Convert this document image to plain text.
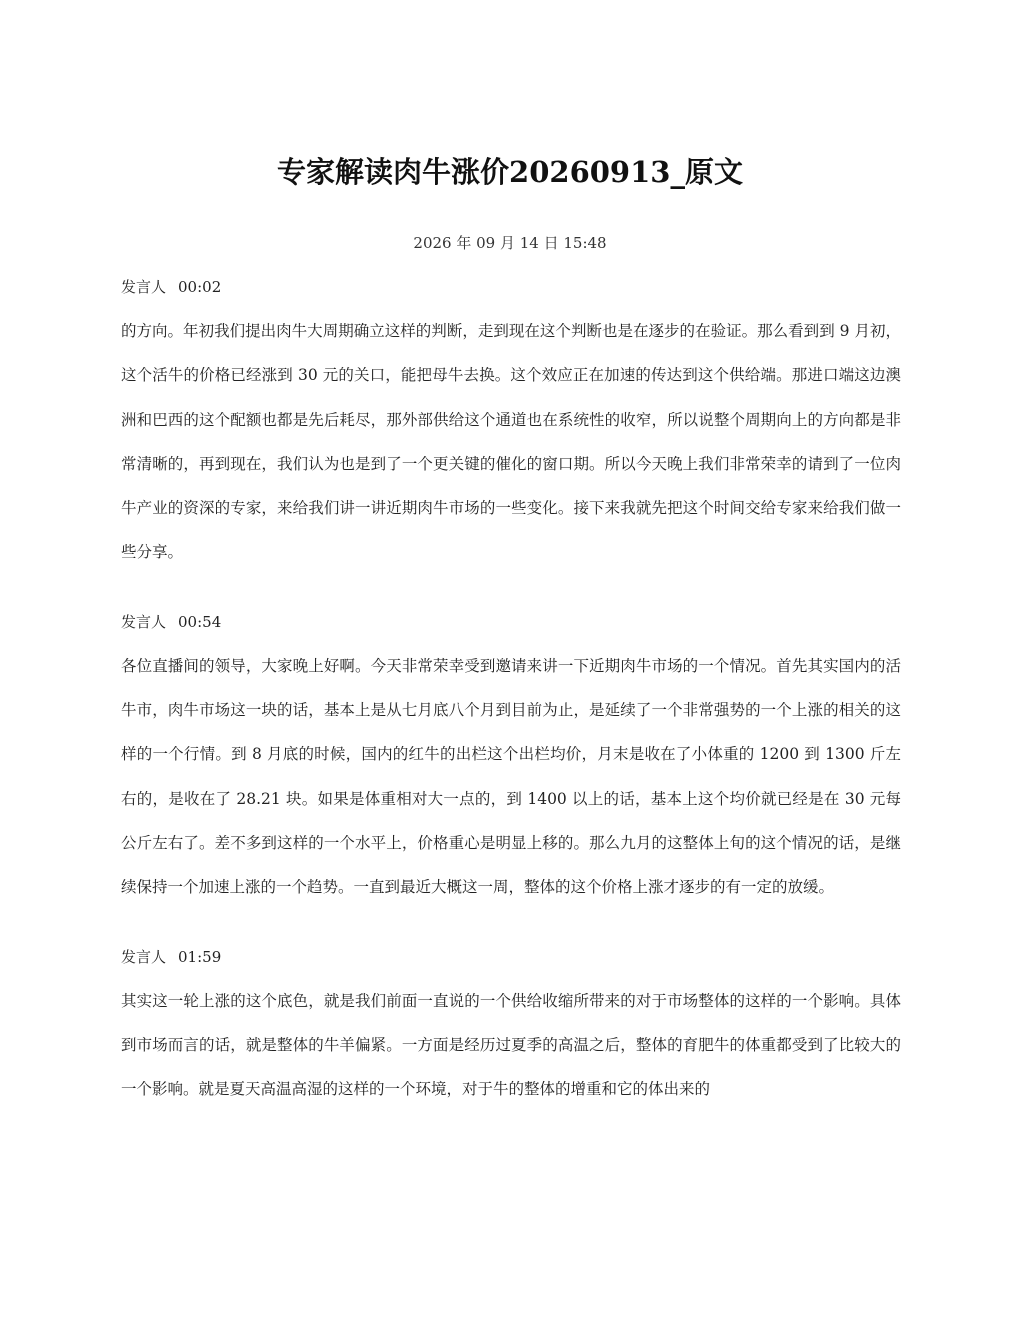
专家解读肉牛涨价20260913_原文
2026 年 09 月 14 日 15:48
发言人 00:02
的方向。年初我们提出肉牛大周期确立这样的判断，走到现在这个判断也是在逐步的在验证。那么看到到 9 月初，这个活牛的价格已经涨到 30 元的关口，能把母牛去换。这个效应正在加速的传达到这个供给端。那进口端这边澳洲和巴西的这个配额也都是先后耗尽，那外部供给这个通道也在系统性的收窄，所以说整个周期向上的方向都是非常清晰的，再到现在，我们认为也是到了一个更关键的催化的窗口期。所以今天晚上我们非常荣幸的请到了一位肉牛产业的资深的专家，来给我们讲一讲近期肉牛市场的一些变化。接下来我就先把这个时间交给专家来给我们做一些分享。
发言人 00:54
各位直播间的领导，大家晚上好啊。今天非常荣幸受到邀请来讲一下近期肉牛市场的一个情况。首先其实国内的活牛市，肉牛市场这一块的话，基本上是从七月底八个月到目前为止，是延续了一个非常强势的一个上涨的相关的这样的一个行情。到 8 月底的时候，国内的红牛的出栏这个出栏均价，月末是收在了小体重的 1200 到 1300 斤左右的，是收在了 28.21 块。如果是体重相对大一点的，到 1400 以上的话，基本上这个均价就已经是在 30 元每公斤左右了。差不多到这样的一个水平上，价格重心是明显上移的。那么九月的这整体上旬的这个情况的话，是继续保持一个加速上涨的一个趋势。一直到最近大概这一周，整体的这个价格上涨才逐步的有一定的放缓。
发言人 01:59
其实这一轮上涨的这个底色，就是我们前面一直说的一个供给收缩所带来的对于市场整体的这样的一个影响。具体到市场而言的话，就是整体的牛羊偏紧。一方面是经历过夏季的高温之后，整体的育肥牛的体重都受到了比较大的一个影响。就是夏天高温高湿的这样的一个环境，对于牛的整体的增重和它的体出来的
